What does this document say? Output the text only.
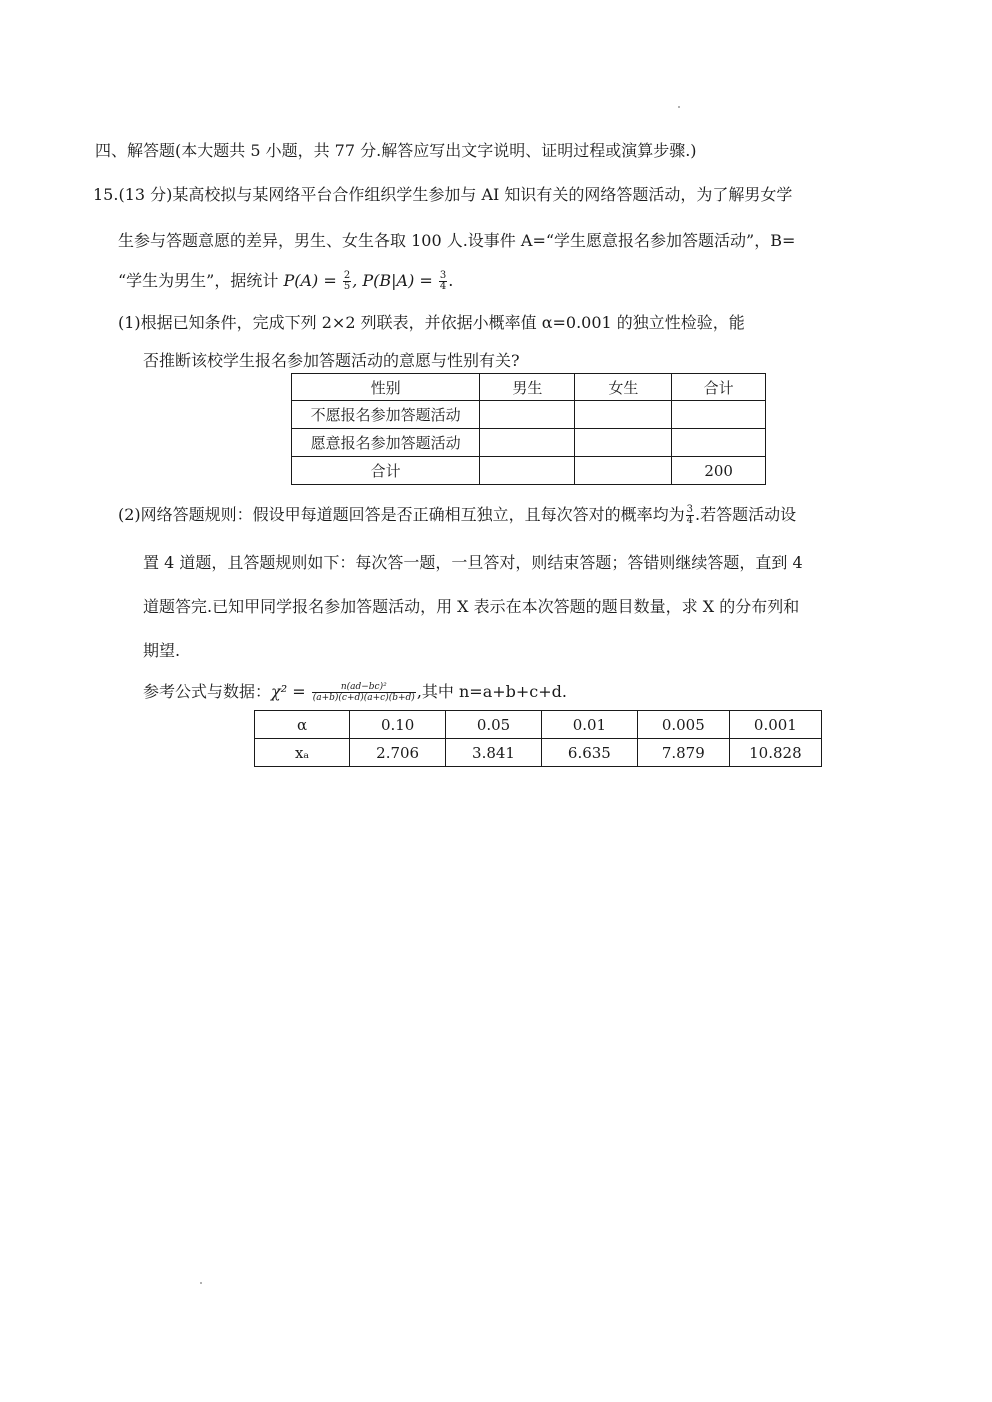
四、解答题(本大题共 5 小题，共 77 分.解答应写出文字说明、证明过程或演算步骤.)
15.(13 分)某高校拟与某网络平台合作组织学生参加与 AI 知识有关的网络答题活动，为了解男女学
生参与答题意愿的差异，男生、女生各取 100 人.设事件 A=“学生愿意报名参加答题活动”，B=
“学生为男生”，据统计 $P(A) = \frac{2}{5}$ , $P(B|A) = \frac{3}{4}$ .
(1)根据已知条件，完成下列 2×2 列联表，并依据小概率值 α=0.001 的独立性检验，能
否推断该校学生报名参加答题活动的意愿与性别有关?
性别	男生	女生	合计
不愿报名参加答题活动			
愿意报名参加答题活动			
合计			200
(2)网络答题规则：假设甲每道题回答是否正确相互独立，且每次答对的概率均为 $\frac{3}{4}$ .若答题活动设
置 4 道题，且答题规则如下：每次答一题，一旦答对，则结束答题；答错则继续答题，直到 4
道题答完.已知甲同学报名参加答题活动，用 X 表示在本次答题的题目数量，求 X 的分布列和
期望.
参考公式与数据：$\chi^2 = \frac{\text{n(ad−bc)²}}{(a+b)(c+d)(a+c)(b+d)}$ ,其中 n=a+b+c+d.
α	0.10	0.05	0.01	0.005	0.001
xₐ	2.706	3.841	6.635	7.879	10.828
